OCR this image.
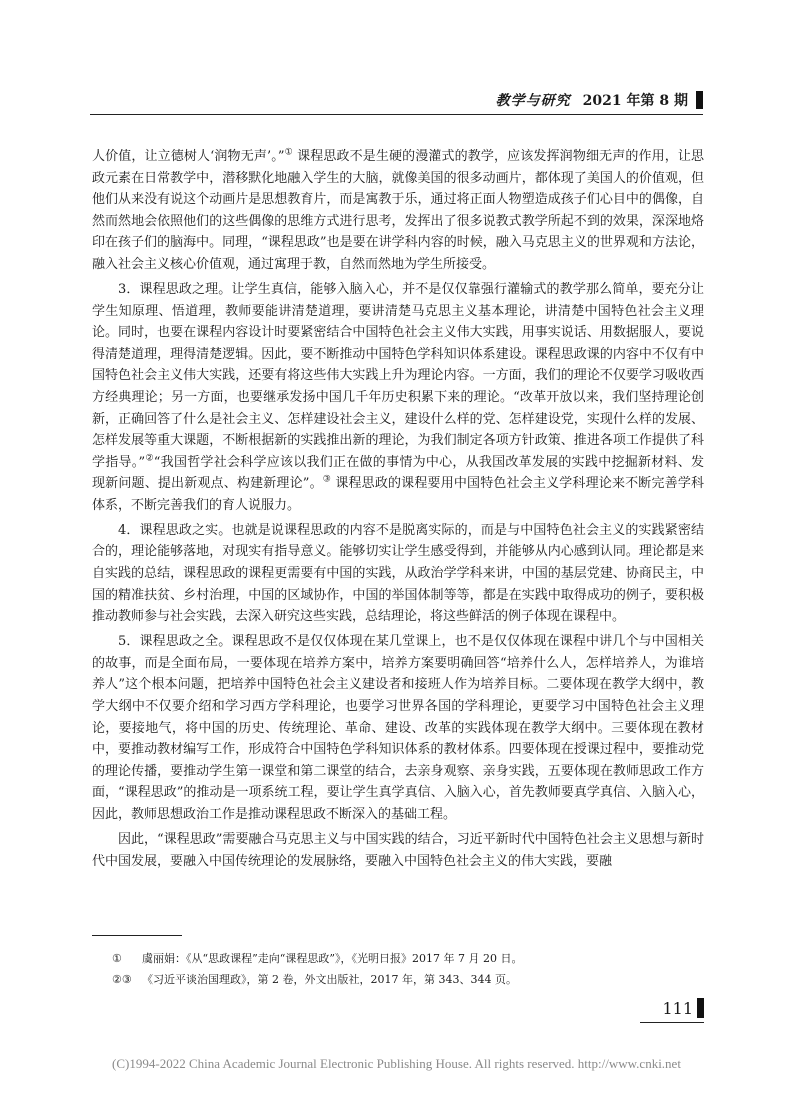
教学与研究 2021 年第 8 期

人价值，让立德树人‘润物无声’。”① 课程思政不是生硬的漫灌式的教学，应该发挥润物细无声的作用，让思政元素在日常教学中，潜移默化地融入学生的大脑，就像美国的很多动画片，都体现了美国人的价值观，但他们从来没有说这个动画片是思想教育片，而是寓教于乐，通过将正面人物塑造成孩子们心目中的偶像，自然而然地会依照他们的这些偶像的思维方式进行思考，发挥出了很多说教式教学所起不到的效果，深深地烙印在孩子们的脑海中。同理，“课程思政”也是要在讲学科内容的时候，融入马克思主义的世界观和方法论，融入社会主义核心价值观，通过寓理于教，自然而然地为学生所接受。

3．课程思政之理。让学生真信，能够入脑入心，并不是仅仅靠强行灌输式的教学那么简单，要充分让学生知原理、悟道理，教师要能讲清楚道理，要讲清楚马克思主义基本理论，讲清楚中国特色社会主义理论。同时，也要在课程内容设计时要紧密结合中国特色社会主义伟大实践，用事实说话、用数据服人，要说得清楚道理，理得清楚逻辑。因此，要不断推动中国特色学科知识体系建设。课程思政课的内容中不仅有中国特色社会主义伟大实践，还要有将这些伟大实践上升为理论内容。一方面，我们的理论不仅要学习吸收西方经典理论；另一方面，也要继承发扬中国几千年历史积累下来的理论。“改革开放以来，我们坚持理论创新，正确回答了什么是社会主义、怎样建设社会主义，建设什么样的党、怎样建设党，实现什么样的发展、怎样发展等重大课题，不断根据新的实践推出新的理论，为我们制定各项方针政策、推进各项工作提供了科学指导。”②“我国哲学社会科学应该以我们正在做的事情为中心，从我国改革发展的实践中挖掘新材料、发现新问题、提出新观点、构建新理论”。③ 课程思政的课程要用中国特色社会主义学科理论来不断完善学科体系，不断完善我们的育人说服力。

4．课程思政之实。也就是说课程思政的内容不是脱离实际的，而是与中国特色社会主义的实践紧密结合的，理论能够落地，对现实有指导意义。能够切实让学生感受得到，并能够从内心感到认同。理论都是来自实践的总结，课程思政的课程更需要有中国的实践，从政治学学科来讲，中国的基层党建、协商民主，中国的精准扶贫、乡村治理，中国的区域协作，中国的举国体制等等，都是在实践中取得成功的例子，要积极推动教师参与社会实践，去深入研究这些实践，总结理论，将这些鲜活的例子体现在课程中。

5．课程思政之全。课程思政不是仅仅体现在某几堂课上，也不是仅仅体现在课程中讲几个与中国相关的故事，而是全面布局，一要体现在培养方案中，培养方案要明确回答“培养什么人，怎样培养人，为谁培养人”这个根本问题，把培养中国特色社会主义建设者和接班人作为培养目标。二要体现在教学大纲中，教学大纲中不仅要介绍和学习西方学科理论，也要学习世界各国的学科理论，更要学习中国特色社会主义理论，要接地气，将中国的历史、传统理论、革命、建设、改革的实践体现在教学大纲中。三要体现在教材中，要推动教材编写工作，形成符合中国特色学科知识体系的教材体系。四要体现在授课过程中，要推动党的理论传播，要推动学生第一课堂和第二课堂的结合，去亲身观察、亲身实践，五要体现在教师思政工作方面，“课程思政”的推动是一项系统工程，要让学生真学真信、入脑入心，首先教师要真学真信、入脑入心，因此，教师思想政治工作是推动课程思政不断深入的基础工程。

因此，“课程思政”需要融合马克思主义与中国实践的结合，习近平新时代中国特色社会主义思想与新时代中国发展，要融入中国传统理论的发展脉络，要融入中国特色社会主义的伟大实践，要融

①	虞丽娟：《从“思政课程”走向“课程思政”》，《光明日报》2017 年 7 月 20 日。
②③ 《习近平谈治国理政》，第 2 卷，外文出版社，2017 年，第 343、344 页。
111
(C)1994-2022 China Academic Journal Electronic Publishing House. All rights reserved. http://www.cnki.net
